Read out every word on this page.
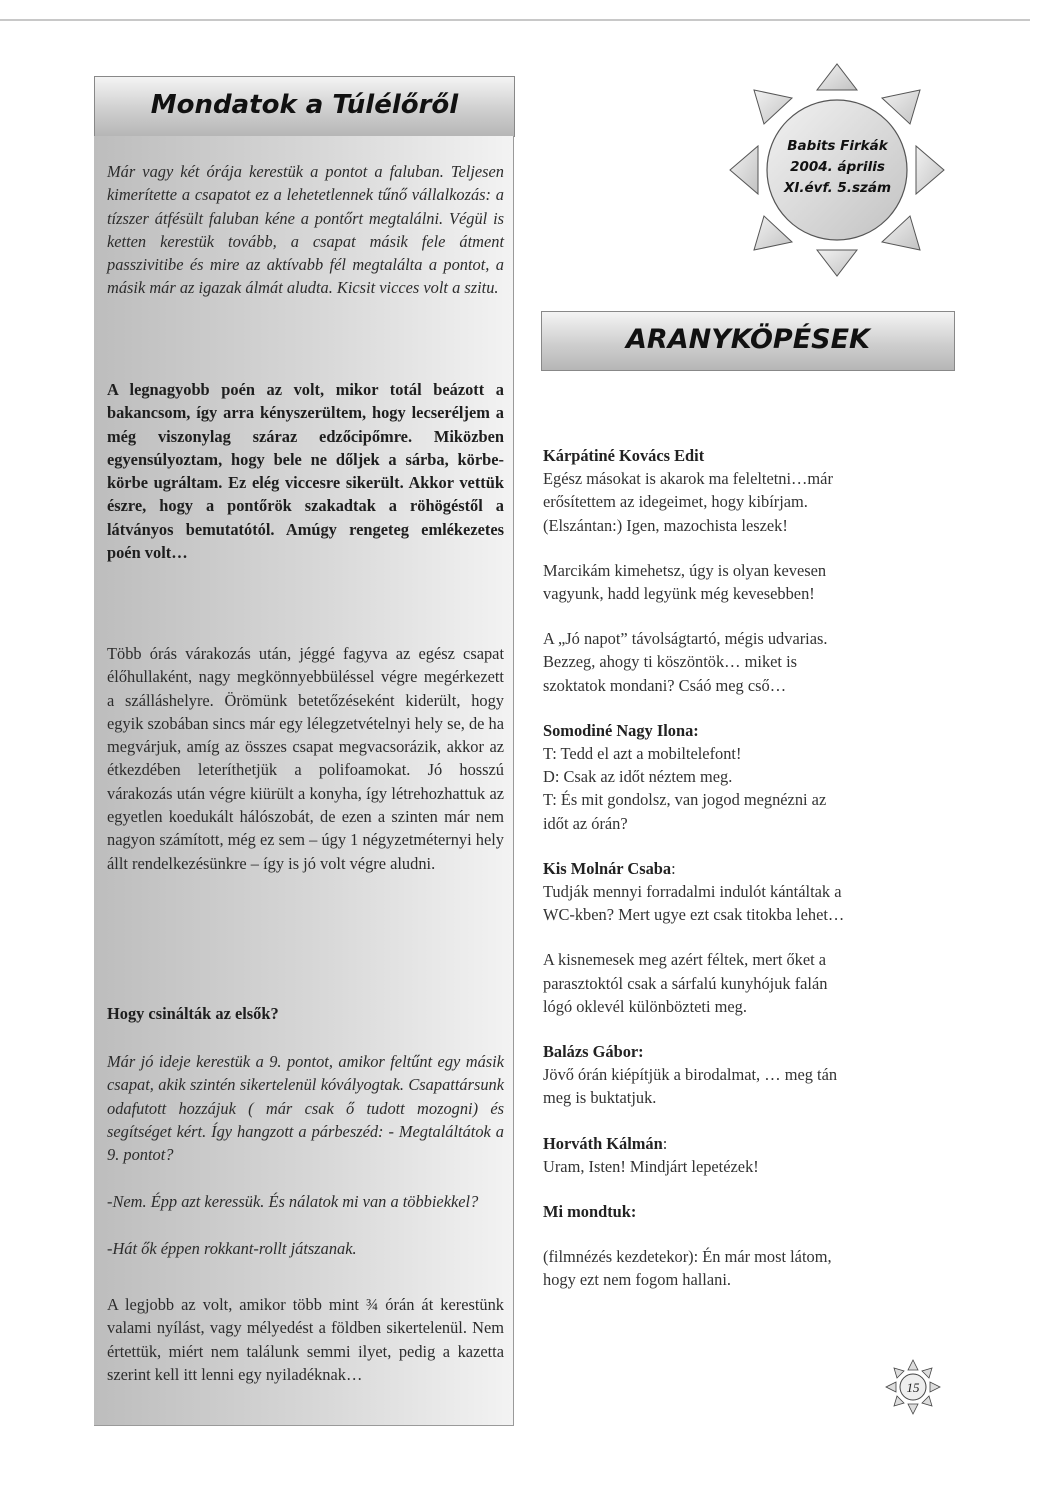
Mondatok a Túlélőről

Már vagy két órája kerestük a pontot a faluban. Teljesen kimerítette a csapatot ez a lehetetlennek tűnő vállalkozás: a tízszer átfésült faluban kéne a pontőrt megtalálni. Végül is ketten kerestük tovább, a csapat másik fele átment passzivitibe és mire az aktívabb fél megtalálta a pontot, a másik már az igazak álmát aludta. Kicsit vicces volt a szitu.

A legnagyobb poén az volt, mikor totál beázott a bakancsom, így arra kényszerültem, hogy lecseréljem a még viszonylag száraz edzőcipőmre. Miközben egyensúlyoztam, hogy bele ne dőljek a sárba, körbe-körbe ugráltam. Ez elég viccesre sikerült. Akkor vettük észre, hogy a pontőrök szakadtak a röhögéstől a látványos bemutatótól. Amúgy rengeteg emlékezetes poén volt…

Több órás várakozás után, jéggé fagyva az egész csapat élőhullaként, nagy megkönnyebbüléssel végre megérkezett a szálláshelyre. Örömünk betetőzéseként kiderült, hogy egyik szobában sincs már egy lélegzetvételnyi hely se, de ha megvárjuk, amíg az összes csapat megvacsorázik, akkor az étkezdében leteríthetjük a polifoamokat. Jó hosszú várakozás után végre kiürült a konyha, így létrehozhattuk az egyetlen koedukált hálószobát, de ezen a szinten már nem nagyon számított, még ez sem – úgy 1 négyzetméternyi hely állt rendelkezésünkre – így is jó volt végre aludni.

Hogy csinálták az elsők?

Már jó ideje kerestük a 9. pontot, amikor feltűnt egy másik csapat, akik szintén sikertelenül kóvályogtak. Csapattársunk odafutott hozzájuk ( már csak ő tudott mozogni) és segítséget kért. Így hangzott a párbeszéd: - Megtaláltátok a 9. pontot?

-Nem. Épp azt keressük. És nálatok mi van a többiekkel?

-Hát ők éppen rokkant-rollt játszanak.

A legjobb az volt, amikor több mint ¾ órán át kerestünk valami nyílást, vagy mélyedést a földben sikertelenül. Nem értettük, miért nem találunk semmi ilyet, pedig a kazetta szerint kell itt lenni egy nyiladéknak…

Babits Firkák
2004. április
XI.évf. 5.szám
ARANYKÖPÉSEK

Kárpátiné Kovács Edit

Egész másokat is akarok ma feleltetni…már

erősítettem az idegeimet, hogy kibírjam.

(Elszántan:) Igen, mazochista leszek!

Marcikám kimehetsz, úgy is olyan kevesen

vagyunk, hadd legyünk még kevesebben!

A „Jó napot” távolságtartó, mégis udvarias.

Bezzeg, ahogy ti köszöntök… miket is

szoktatok mondani? Csáó meg cső…

Somodiné Nagy Ilona:

T: Tedd el azt a mobiltelefont!

D: Csak az időt néztem meg.

T: És mit gondolsz, van jogod megnézni az

időt az órán?

Kis Molnár Csaba:

Tudják mennyi forradalmi indulót kántáltak a

WC-kben? Mert ugye ezt csak titokba lehet…

A kisnemesek meg azért féltek, mert őket a

parasztoktól csak a sárfalú kunyhójuk falán

lógó oklevél különbözteti meg.

Balázs Gábor:

Jövő órán kiépítjük a birodalmat, … meg tán

meg is buktatjuk.

Horváth Kálmán:

Uram, Isten! Mindjárt lepetézek!

Mi mondtuk:

(filmnézés kezdetekor): Én már most látom,

hogy ezt nem fogom hallani.

15
